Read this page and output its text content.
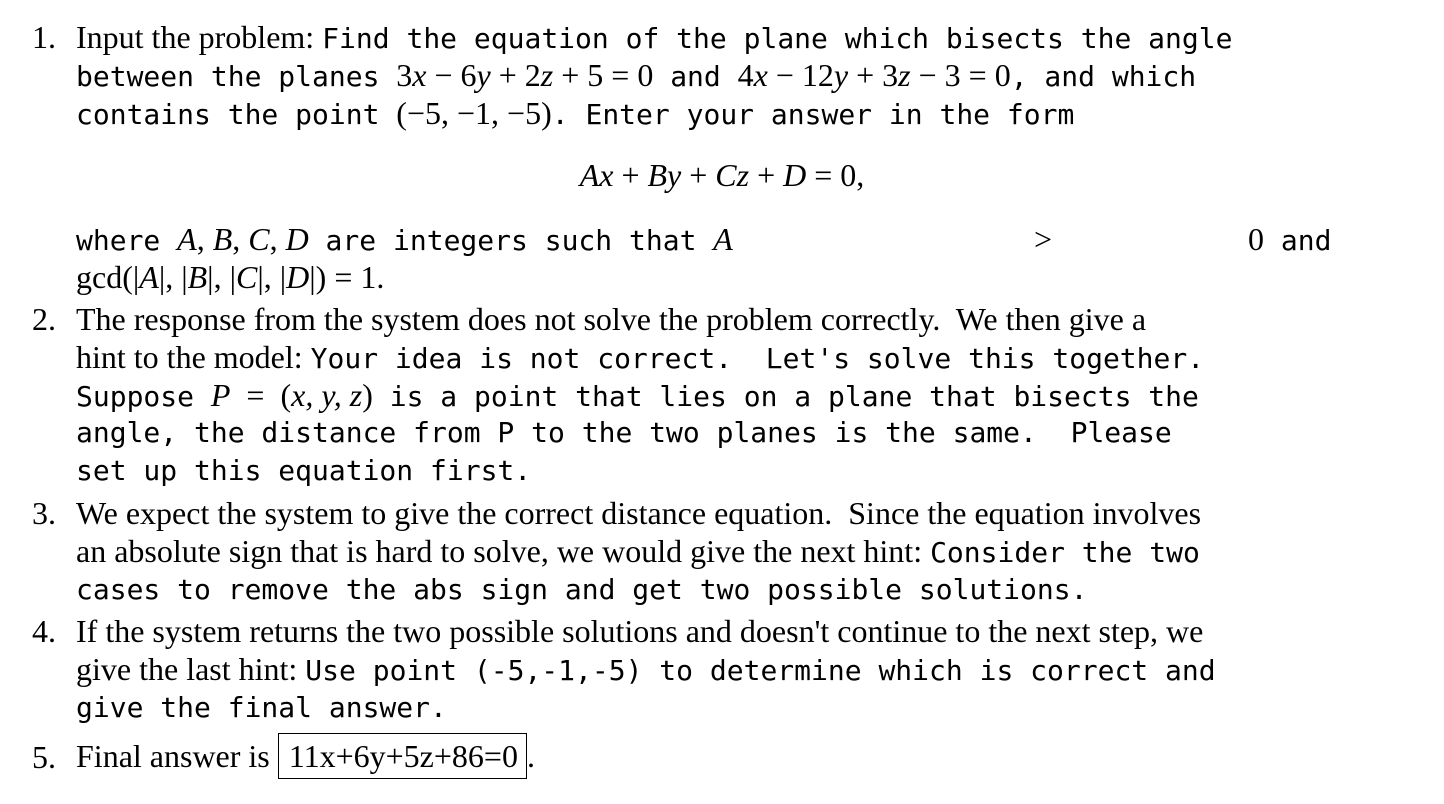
1. Input the problem: Find the equation of the plane which bisects the angle
between the planes 3x − 6y + 2z + 5 = 0 and 4x − 12y + 3z − 3 = 0, and which
contains the point (−5, −1, −5). Enter your answer in the form
Ax + By + Cz + D = 0,
where A, B, C, D are integers such that A	>	0 and
gcd(|A|, |B|, |C|, |D|) = 1.
2. The response from the system does not solve the problem correctly.  We then give a
hint to the model: Your idea is not correct.  Let's solve this together.
Suppose P  =  (x, y, z) is a point that lies on a plane that bisects the
angle, the distance from P to the two planes is the same.  Please
set up this equation first.
3. We expect the system to give the correct distance equation.  Since the equation involves
an absolute sign that is hard to solve, we would give the next hint: Consider the two
cases to remove the abs sign and get two possible solutions.
4. If the system returns the two possible solutions and doesn't continue to the next step, we
give the last hint: Use point (-5,-1,-5) to determine which is correct and
give the final answer.
5. Final answer is 11x+6y+5z+86=0 .
